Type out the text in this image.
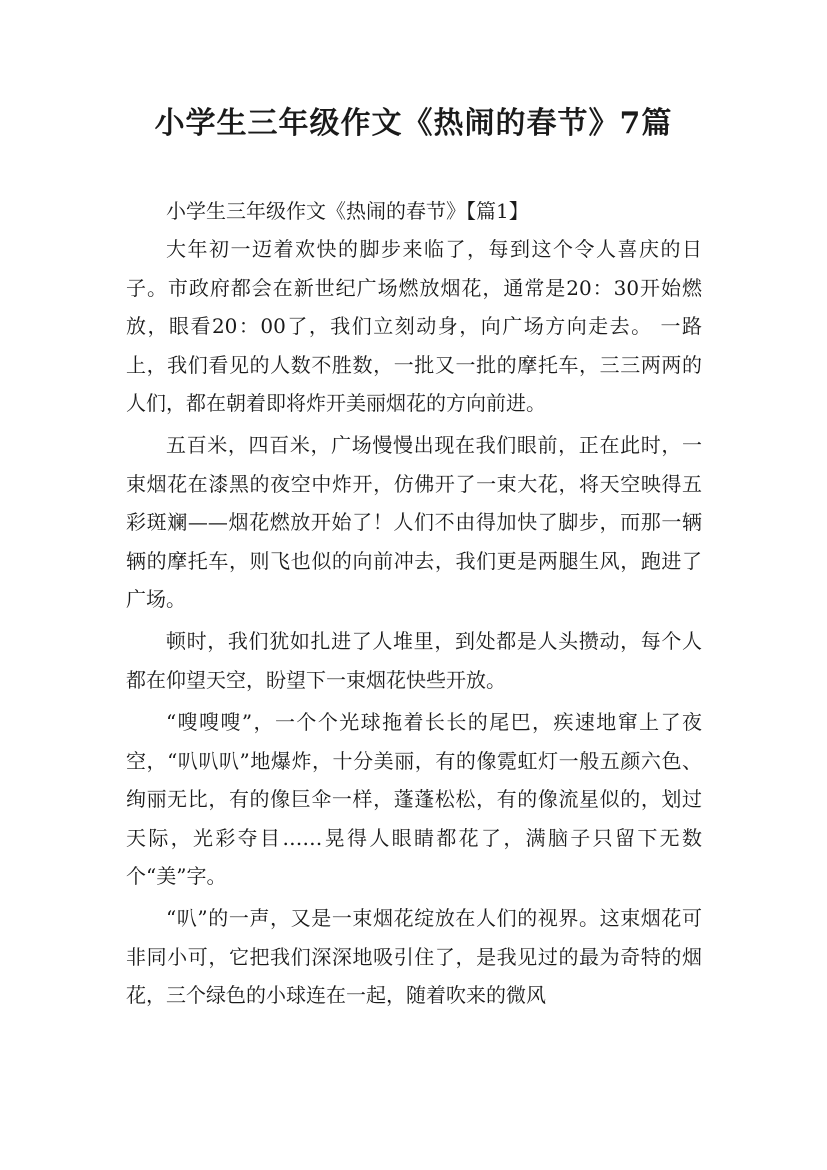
小学生三年级作文《热闹的春节》7篇

小学生三年级作文《热闹的春节》【篇1】

大年初一迈着欢快的脚步来临了，每到这个令人喜庆的日子。市政府都会在新世纪广场燃放烟花，通常是20：30开始燃放，眼看20：00了，我们立刻动身，向广场方向走去。 一路上，我们看见的人数不胜数，一批又一批的摩托车，三三两两的人们，都在朝着即将炸开美丽烟花的方向前进。

五百米，四百米，广场慢慢出现在我们眼前，正在此时，一束烟花在漆黑的夜空中炸开，仿佛开了一束大花，将天空映得五彩斑斓——烟花燃放开始了！人们不由得加快了脚步，而那一辆辆的摩托车，则飞也似的向前冲去，我们更是两腿生风，跑进了广场。

顿时，我们犹如扎进了人堆里，到处都是人头攒动，每个人都在仰望天空，盼望下一束烟花快些开放。

“嗖嗖嗖”，一个个光球拖着长长的尾巴，疾速地窜上了夜空，“叭叭叭”地爆炸，十分美丽，有的像霓虹灯一般五颜六色、绚丽无比，有的像巨伞一样，蓬蓬松松，有的像流星似的，划过天际，光彩夺目……晃得人眼睛都花了，满脑子只留下无数个“美”字。

“叭”的一声，又是一束烟花绽放在人们的视界。这束烟花可非同小可，它把我们深深地吸引住了，是我见过的最为奇特的烟花，三个绿色的小球连在一起，随着吹来的微风
